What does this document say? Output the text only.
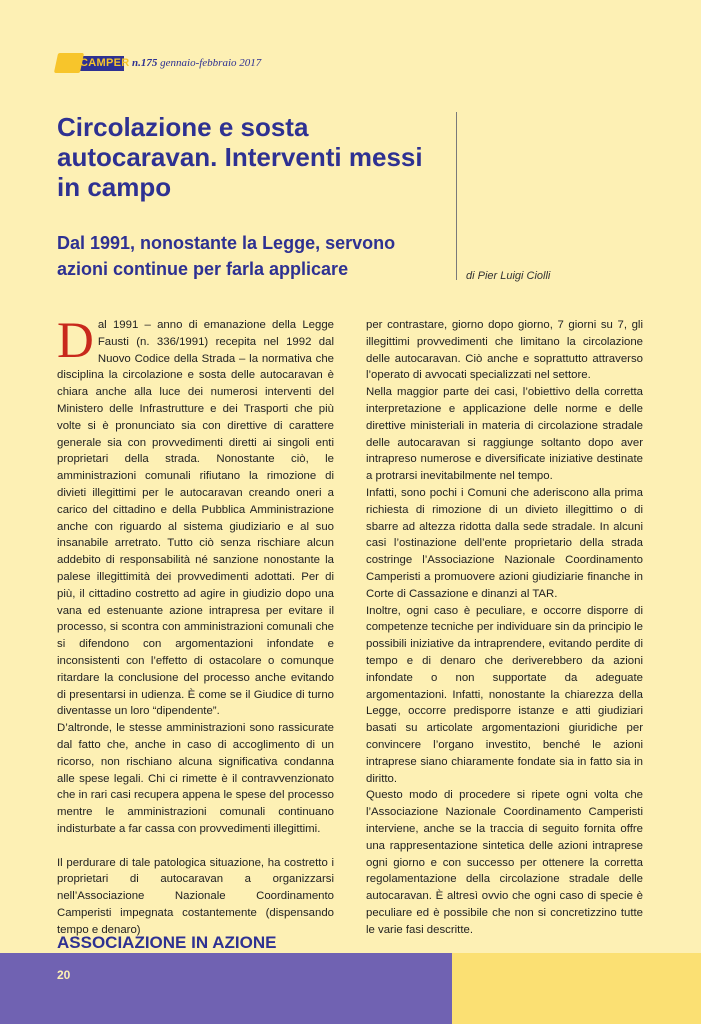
CAMPER n.175 gennaio-febbraio 2017
Circolazione e sosta autocaravan. Interventi messi in campo
Dal 1991, nonostante la Legge, servono azioni continue per farla applicare	di Pier Luigi Ciolli

Dal 1991 – anno di emanazione della Legge Fausti (n. 336/1991) recepita nel 1992 dal Nuovo Codice della Strada – la normativa che disciplina la circolazione e sosta delle autocaravan è chiara anche alla luce dei numerosi interventi del Ministero delle Infrastrutture e dei Trasporti che più volte si è pronunciato sia con direttive di carattere generale sia con provvedimenti diretti ai singoli enti proprietari della strada. Nonostante ciò, le amministrazioni comunali rifiutano la rimozione di divieti illegittimi per le autocaravan creando oneri a carico del cittadino e della Pubblica Amministrazione anche con riguardo al sistema giudiziario e al suo insanabile arretrato. Tutto ciò senza rischiare alcun addebito di responsabilità né sanzione nonostante la palese illegittimità dei provvedimenti adottati. Per di più, il cittadino costretto ad agire in giudizio dopo una vana ed estenuante azione intrapresa per evitare il processo, si scontra con amministrazioni comunali che si difendono con argomentazioni infondate e inconsistenti con l’effetto di ostacolare o comunque ritardare la conclusione del processo anche evitando di presentarsi in udienza. È come se il Giudice di turno diventasse un loro “dipendente”.

D’altronde, le stesse amministrazioni sono rassicurate dal fatto che, anche in caso di accoglimento di un ricorso, non rischiano alcuna significativa condanna alle spese legali. Chi ci rimette è il contravvenzionato che in rari casi recupera appena le spese del processo mentre le amministrazioni comunali continuano indisturbate a far cassa con provvedimenti illegittimi.

Il perdurare di tale patologica situazione, ha costretto i proprietari di autocaravan a organizzarsi nell’Associazione Nazionale Coordinamento Camperisti impegnata costantemente (dispensando tempo e denaro)

per contrastare, giorno dopo giorno, 7 giorni su 7, gli illegittimi provvedimenti che limitano la circolazione delle autocaravan. Ciò anche e soprattutto attraverso l’operato di avvocati specializzati nel settore.

Nella maggior parte dei casi, l’obiettivo della corretta interpretazione e applicazione delle norme e delle direttive ministeriali in materia di circolazione stradale delle autocaravan si raggiunge soltanto dopo aver intrapreso numerose e diversificate iniziative destinate a protrarsi inevitabilmente nel tempo.

Infatti, sono pochi i Comuni che aderiscono alla prima richiesta di rimozione di un divieto illegittimo o di sbarre ad altezza ridotta dalla sede stradale. In alcuni casi l’ostinazione dell’ente proprietario della strada costringe l’Associazione Nazionale Coordinamento Camperisti a promuovere azioni giudiziarie finanche in Corte di Cassazione e dinanzi al TAR.

Inoltre, ogni caso è peculiare, e occorre disporre di competenze tecniche per individuare sin da principio le possibili iniziative da intraprendere, evitando perdite di tempo e di denaro che deriverebbero da azioni infondate o non supportate da adeguate argomentazioni. Infatti, nonostante la chiarezza della Legge, occorre predisporre istanze e atti giudiziari basati su articolate argomentazioni giuridiche per convincere l’organo investito, benché le azioni intraprese siano chiaramente fondate sia in fatto sia in diritto.

Questo modo di procedere si ripete ogni volta che l’Associazione Nazionale Coordinamento Camperisti interviene, anche se la traccia di seguito fornita offre una rappresentazione sintetica delle azioni intraprese ogni giorno e con successo per ottenere la corretta regolamentazione della circolazione stradale delle autocaravan. È altresì ovvio che ogni caso di specie è peculiare ed è possibile che non si concretizzino tutte le varie fasi descritte.

ASSOCIAZIONE IN AZIONE
20
